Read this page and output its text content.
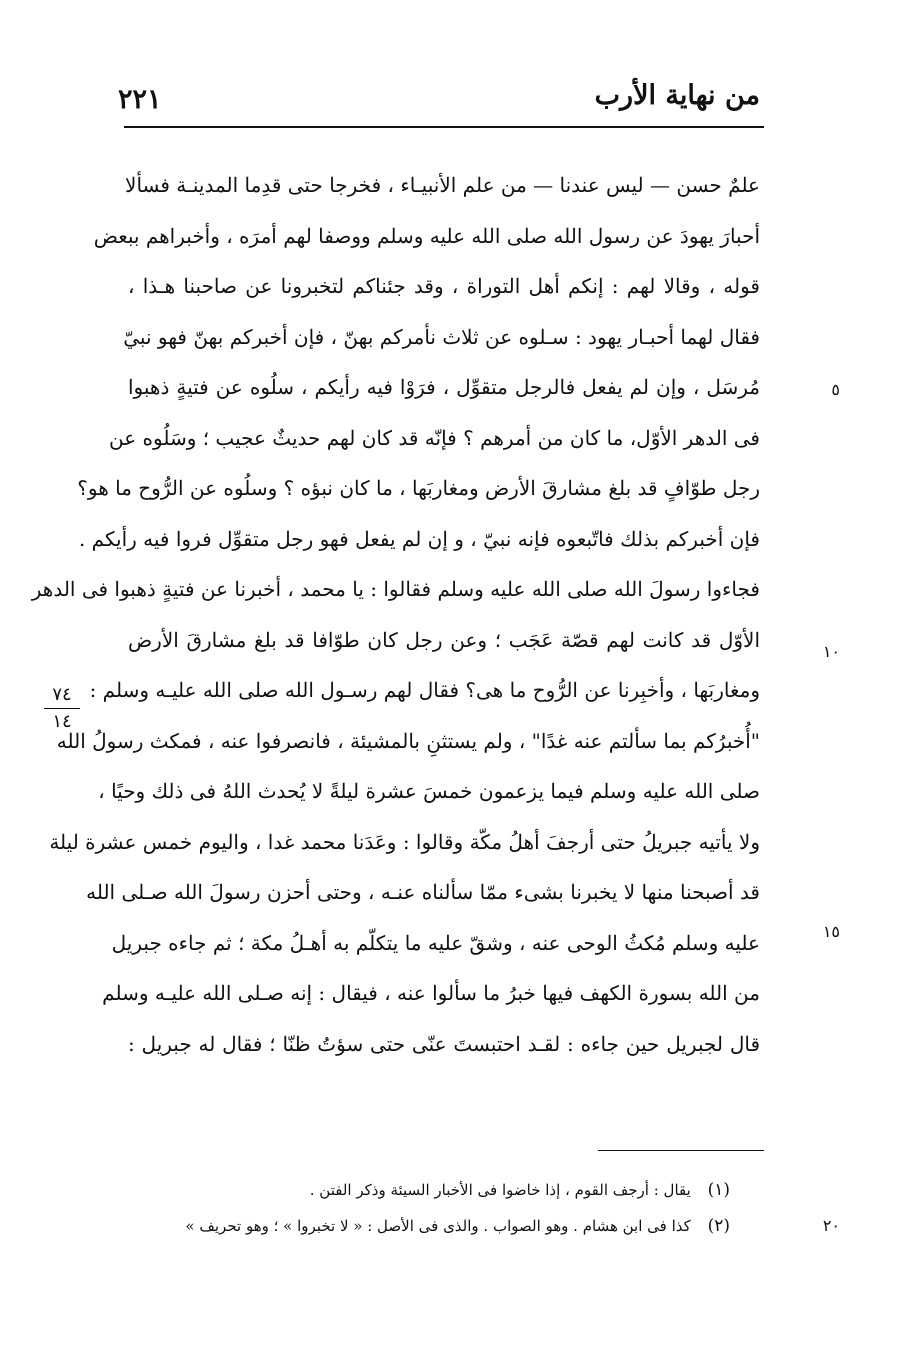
٢٢١	من نهاية الأرب
علمٌ حسن — ليس عندنا — من علم الأنبيـاء ، فخرجا حتى قدِما المدينـة فسألا
أحبارَ يهودَ عن رسول الله صلى الله عليه وسلم ووصفا لهم أمرَه ، وأخبراهم ببعض
قوله ، وقالا لهم : إنكم أهل التوراة ، وقد جئناكم لتخبرونا عن صاحبنا هـذا ،
فقال لهما أحبـار يهود : سـلوه عن ثلاث نأمركم بهنّ ، فإن أخبركم بهنّ فهو نبيّ
مُرسَل ، وإن لم يفعل فالرجل متقوِّل ، فرَوْا فيه رأيكم ، سلُوه عن فتيةٍ ذهبوا
فى الدهر الأوّل، ما كان من أمرهم ؟ فإنّه قد كان لهم حديثٌ عجيب ؛ وسَلُوه عن
رجل طوّافٍ قد بلغ مشارقَ الأرض ومغاربَها ، ما كان نبؤه ؟ وسلُوه عن الرُّوح ما هو؟
فإن أخبركم بذلك فاتّبعوه فإنه نبيّ ، و إن لم يفعل فهو رجل متقوِّل فروا فيه رأيكم .
فجاءوا رسولَ الله صلى الله عليه وسلم فقالوا : يا محمد ، أخبرنا عن فتيةٍ ذهبوا فى الدهر
الأوّل قد كانت لهم قصّة عَجَب ؛ وعن رجل كان طوّافا قد بلغ مشارقَ الأرض
ومغاربَها ، وأخبِرنا عن الرُّوح ما هى؟ فقال لهم رسـول الله صلى الله عليـه وسلم :
"أُخبرُكم بما سألتم عنه غدًا" ، ولم يستثنِ بالمشيئة ، فانصرفوا عنه ، فمكث رسولُ الله
صلى الله عليه وسلم فيما يزعمون خمسَ عشرة ليلةً لا يُحدث اللهُ فى ذلك وحيًا ،
ولا يأتيه جبريلُ حتى أرجفَ أهلُ مكّة وقالوا : وعَدَنا محمد غدا ، واليوم خمس عشرة ليلة
قد أصبحنا منها لا يخبرنا بشىء ممّا سألناه عنـه ، وحتى أحزن رسولَ الله صـلى الله
عليه وسلم مُكثُ الوحى عنه ، وشقّ عليه ما يتكلّم به أهـلُ مكة ؛ ثم جاءه جبريل
من الله بسورة الكهف فيها خبرُ ما سألوا عنه ، فيقال : إنه صـلى الله عليـه وسلم
قال لجبريل حين جاءه : لقـد احتبستَ عنّى حتى سؤتُ ظنّا ؛ فقال له جبريل :
٥
١٠
١٥
٢٠
٧٤
١٤
(١) يقال : أرجف القوم ، إذا خاضوا فى الأخبار السيئة وذكر الفتن .
(٢) كذا فى ابن هشام . وهو الصواب . والذى فى الأصل : « لا تخبروا » ؛ وهو تحريف »
